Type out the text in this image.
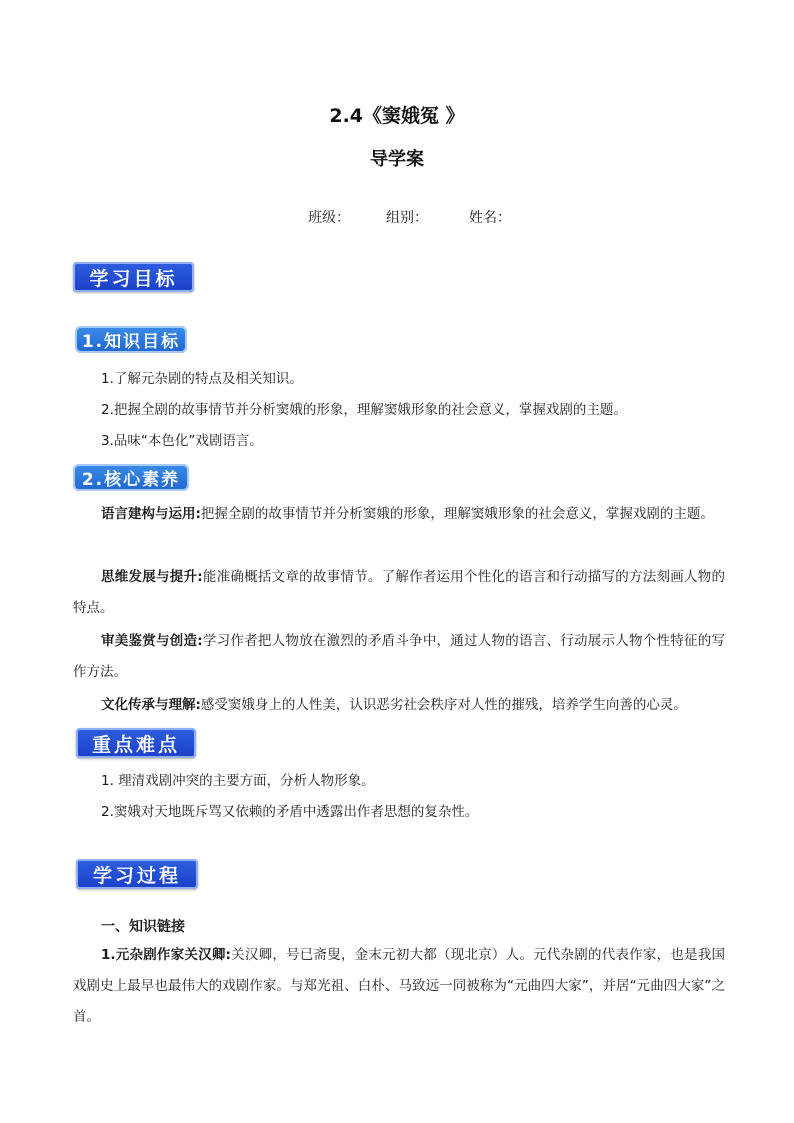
2.4《窦娥冤 》
导学案
班级：	组别：	姓名：
学习目标
1.知识目标
1.了解元杂剧的特点及相关知识。
2.把握全剧的故事情节并分析窦娥的形象，理解窦娥形象的社会意义，掌握戏剧的主题。
3.品味“本色化”戏剧语言。
2.核心素养
语言建构与运用:把握全剧的故事情节并分析窦娥的形象，理解窦娥形象的社会意义，掌握戏剧的主题。
思维发展与提升:能准确概括文章的故事情节。了解作者运用个性化的语言和行动描写的方法刻画人物的特点。
审美鉴赏与创造:学习作者把人物放在激烈的矛盾斗争中，通过人物的语言、行动展示人物个性特征的写作方法。
文化传承与理解:感受窦娥身上的人性美，认识恶劣社会秩序对人性的摧残，培养学生向善的心灵。
重点难点
1. 理清戏剧冲突的主要方面，分析人物形象。
2.窦娥对天地既斥骂又依赖的矛盾中透露出作者思想的复杂性。
学习过程
一、知识链接
1.元杂剧作家关汉卿:关汉卿，号已斋叟，金末元初大都（现北京）人。元代杂剧的代表作家，也是我国戏剧史上最早也最伟大的戏剧作家。与郑光祖、白朴、马致远一同被称为“元曲四大家”，并居“元曲四大家”之首。
